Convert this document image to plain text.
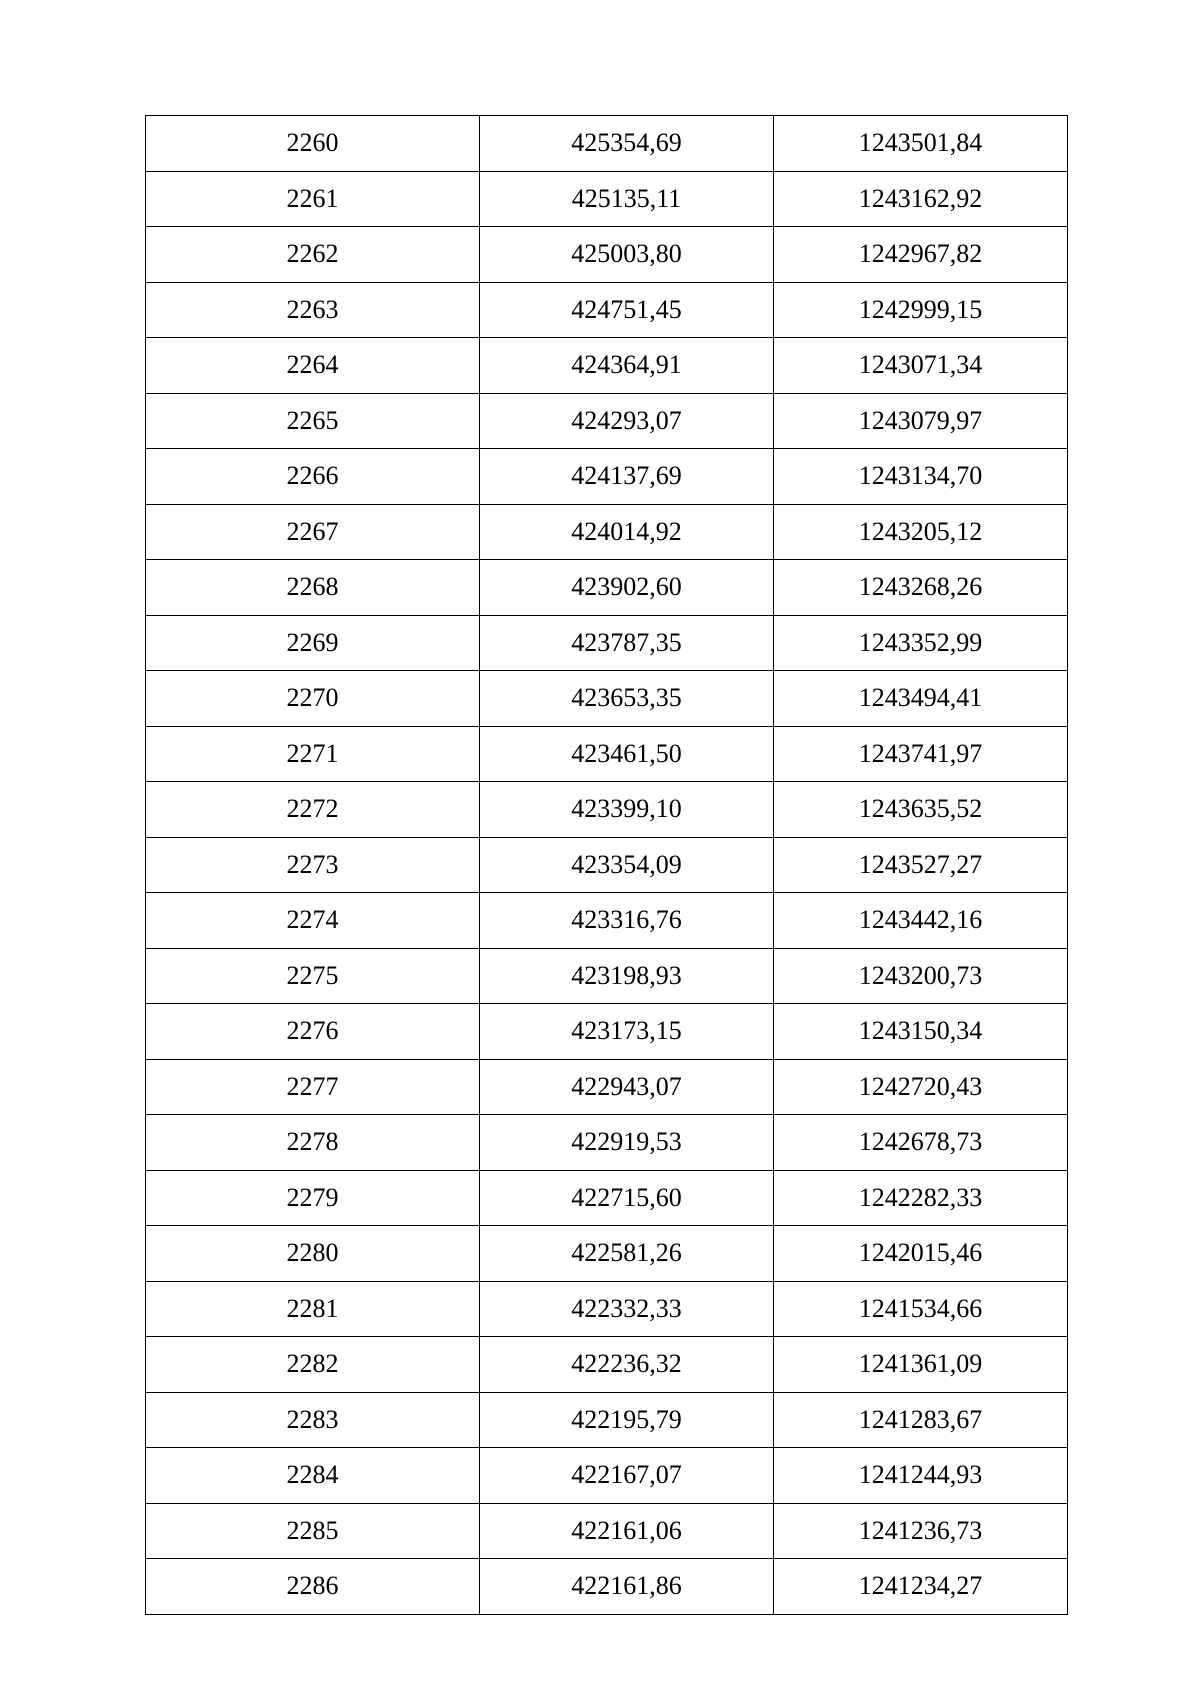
2260	425354,69	1243501,84
2261	425135,11	1243162,92
2262	425003,80	1242967,82
2263	424751,45	1242999,15
2264	424364,91	1243071,34
2265	424293,07	1243079,97
2266	424137,69	1243134,70
2267	424014,92	1243205,12
2268	423902,60	1243268,26
2269	423787,35	1243352,99
2270	423653,35	1243494,41
2271	423461,50	1243741,97
2272	423399,10	1243635,52
2273	423354,09	1243527,27
2274	423316,76	1243442,16
2275	423198,93	1243200,73
2276	423173,15	1243150,34
2277	422943,07	1242720,43
2278	422919,53	1242678,73
2279	422715,60	1242282,33
2280	422581,26	1242015,46
2281	422332,33	1241534,66
2282	422236,32	1241361,09
2283	422195,79	1241283,67
2284	422167,07	1241244,93
2285	422161,06	1241236,73
2286	422161,86	1241234,27
